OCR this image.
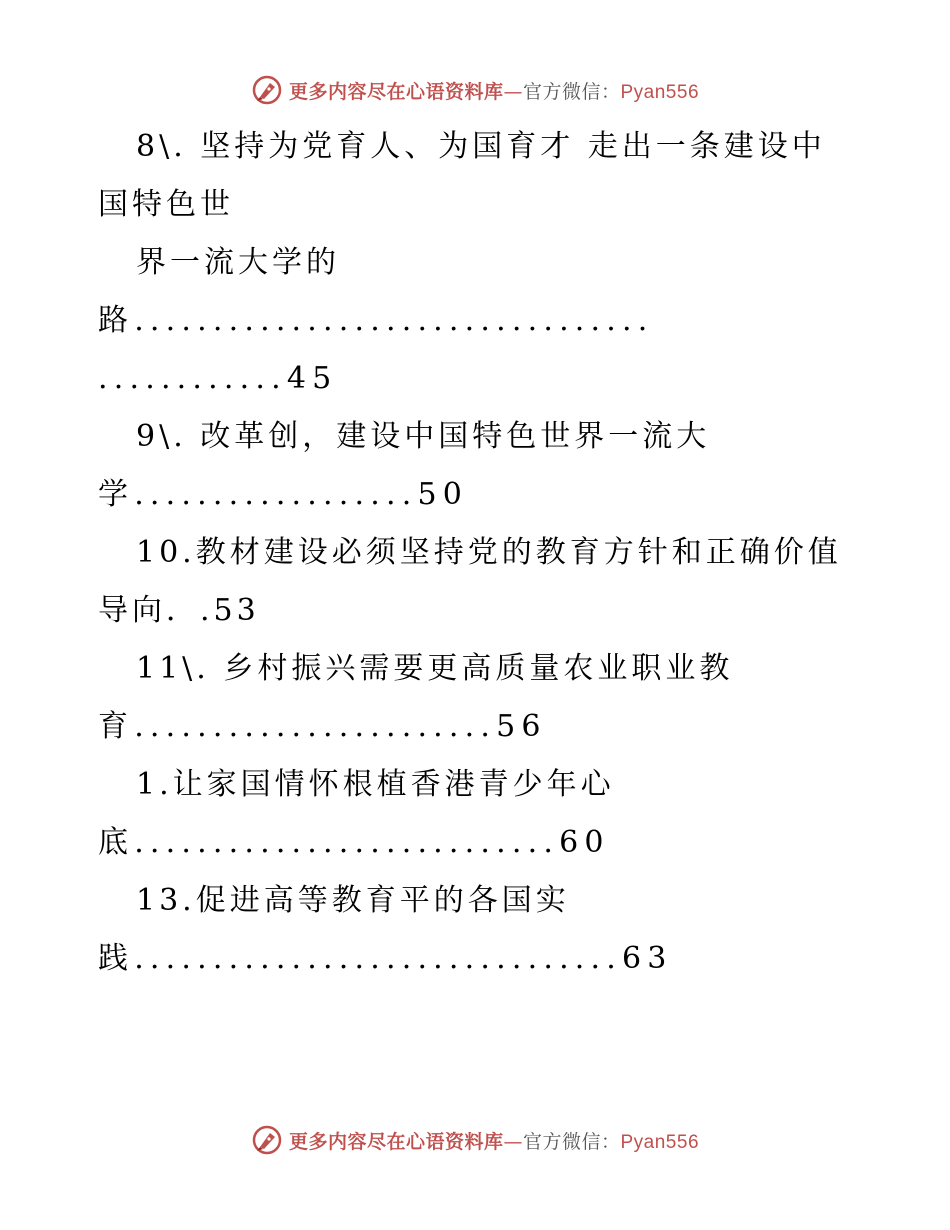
更多内容尽在心语资料库—官方微信：Pyan556
8\. 坚持为党育人、为国育才 走出一条建设中
国特色世
界一流大学的
路.................................
............45
9\. 改革创，建设中国特色世界一流大
学..................50
10.教材建设必须坚持党的教育方针和正确价值
导向．.53
11\. 乡村振兴需要更高质量农业职业教
育.......................56
1.让家国情怀根植香港青少年心
底...........................60
13.促进高等教育平的各国实
践...............................63
更多内容尽在心语资料库—官方微信：Pyan556
